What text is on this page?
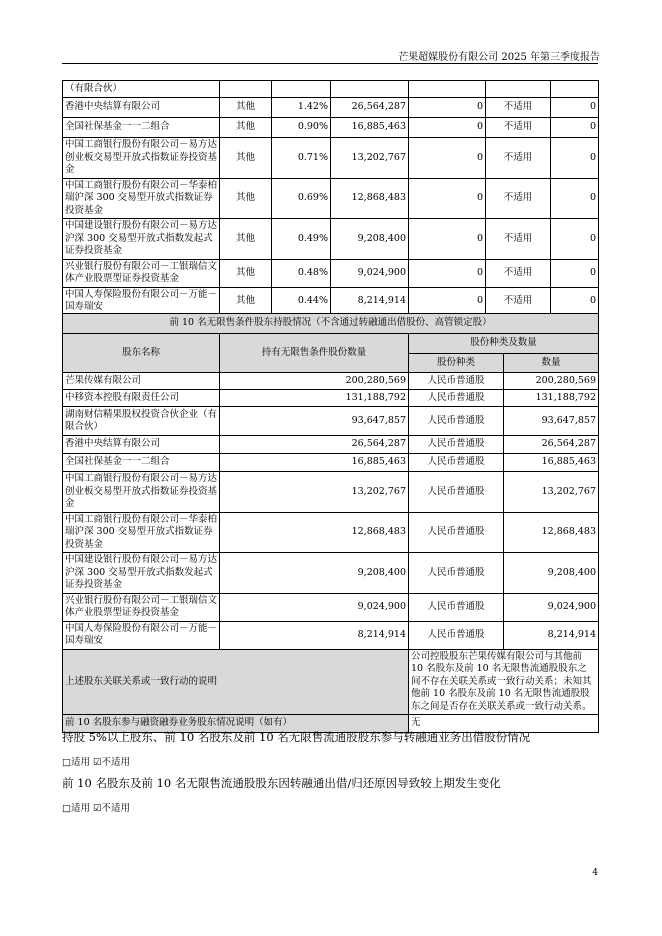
芒果超媒股份有限公司 2025 年第三季度报告
（有限合伙）						
香港中央结算有限公司	其他	1.42%	26,564,287	0	不适用	0
全国社保基金一一二组合	其他	0.90%	16,885,463	0	不适用	0
中国工商银行股份有限公司－易方达创业板交易型开放式指数证券投资基金	其他	0.71%	13,202,767	0	不适用	0
中国工商银行股份有限公司－华泰柏瑞沪深 300 交易型开放式指数证券投资基金	其他	0.69%	12,868,483	0	不适用	0
中国建设银行股份有限公司－易方达沪深 300 交易型开放式指数发起式证券投资基金	其他	0.49%	9,208,400	0	不适用	0
兴业银行股份有限公司－工银瑞信文体产业股票型证券投资基金	其他	0.48%	9,024,900	0	不适用	0
中国人寿保险股份有限公司－万能－国寿瑞安	其他	0.44%	8,214,914	0	不适用	0
前 10 名无限售条件股东持股情况（不含通过转融通出借股份、高管锁定股）			
股东名称	持有无限售条件股份数量	股份种类及数量	
		股份种类	数量
芒果传媒有限公司	200,280,569	人民币普通股	200,280,569
中移资本控股有限责任公司	131,188,792	人民币普通股	131,188,792
湖南财信精果股权投资合伙企业（有限合伙）	93,647,857	人民币普通股	93,647,857
香港中央结算有限公司	26,564,287	人民币普通股	26,564,287
全国社保基金一一二组合	16,885,463	人民币普通股	16,885,463
中国工商银行股份有限公司－易方达创业板交易型开放式指数证券投资基金	13,202,767	人民币普通股	13,202,767
中国工商银行股份有限公司－华泰柏瑞沪深 300 交易型开放式指数证券投资基金	12,868,483	人民币普通股	12,868,483
中国建设银行股份有限公司－易方达沪深 300 交易型开放式指数发起式证券投资基金	9,208,400	人民币普通股	9,208,400
兴业银行股份有限公司－工银瑞信文体产业股票型证券投资基金	9,024,900	人民币普通股	9,024,900
中国人寿保险股份有限公司－万能－国寿瑞安	8,214,914	人民币普通股	8,214,914
上述股东关联关系或一致行动的说明		公司控股股东芒果传媒有限公司与其他前 10 名股东及前 10 名无限售流通股股东之间不存在关联关系或一致行动关系；未知其他前 10 名股东及前 10 名无限售流通股股东之间是否存在关联关系或一致行动关系。	
前 10 名股东参与融资融券业务股东情况说明（如有）		无	
持股 5%以上股东、前 10 名股东及前 10 名无限售流通股股东参与转融通业务出借股份情况
□适用 ☑不适用
前 10 名股东及前 10 名无限售流通股股东因转融通出借/归还原因导致较上期发生变化
□适用 ☑不适用
4
